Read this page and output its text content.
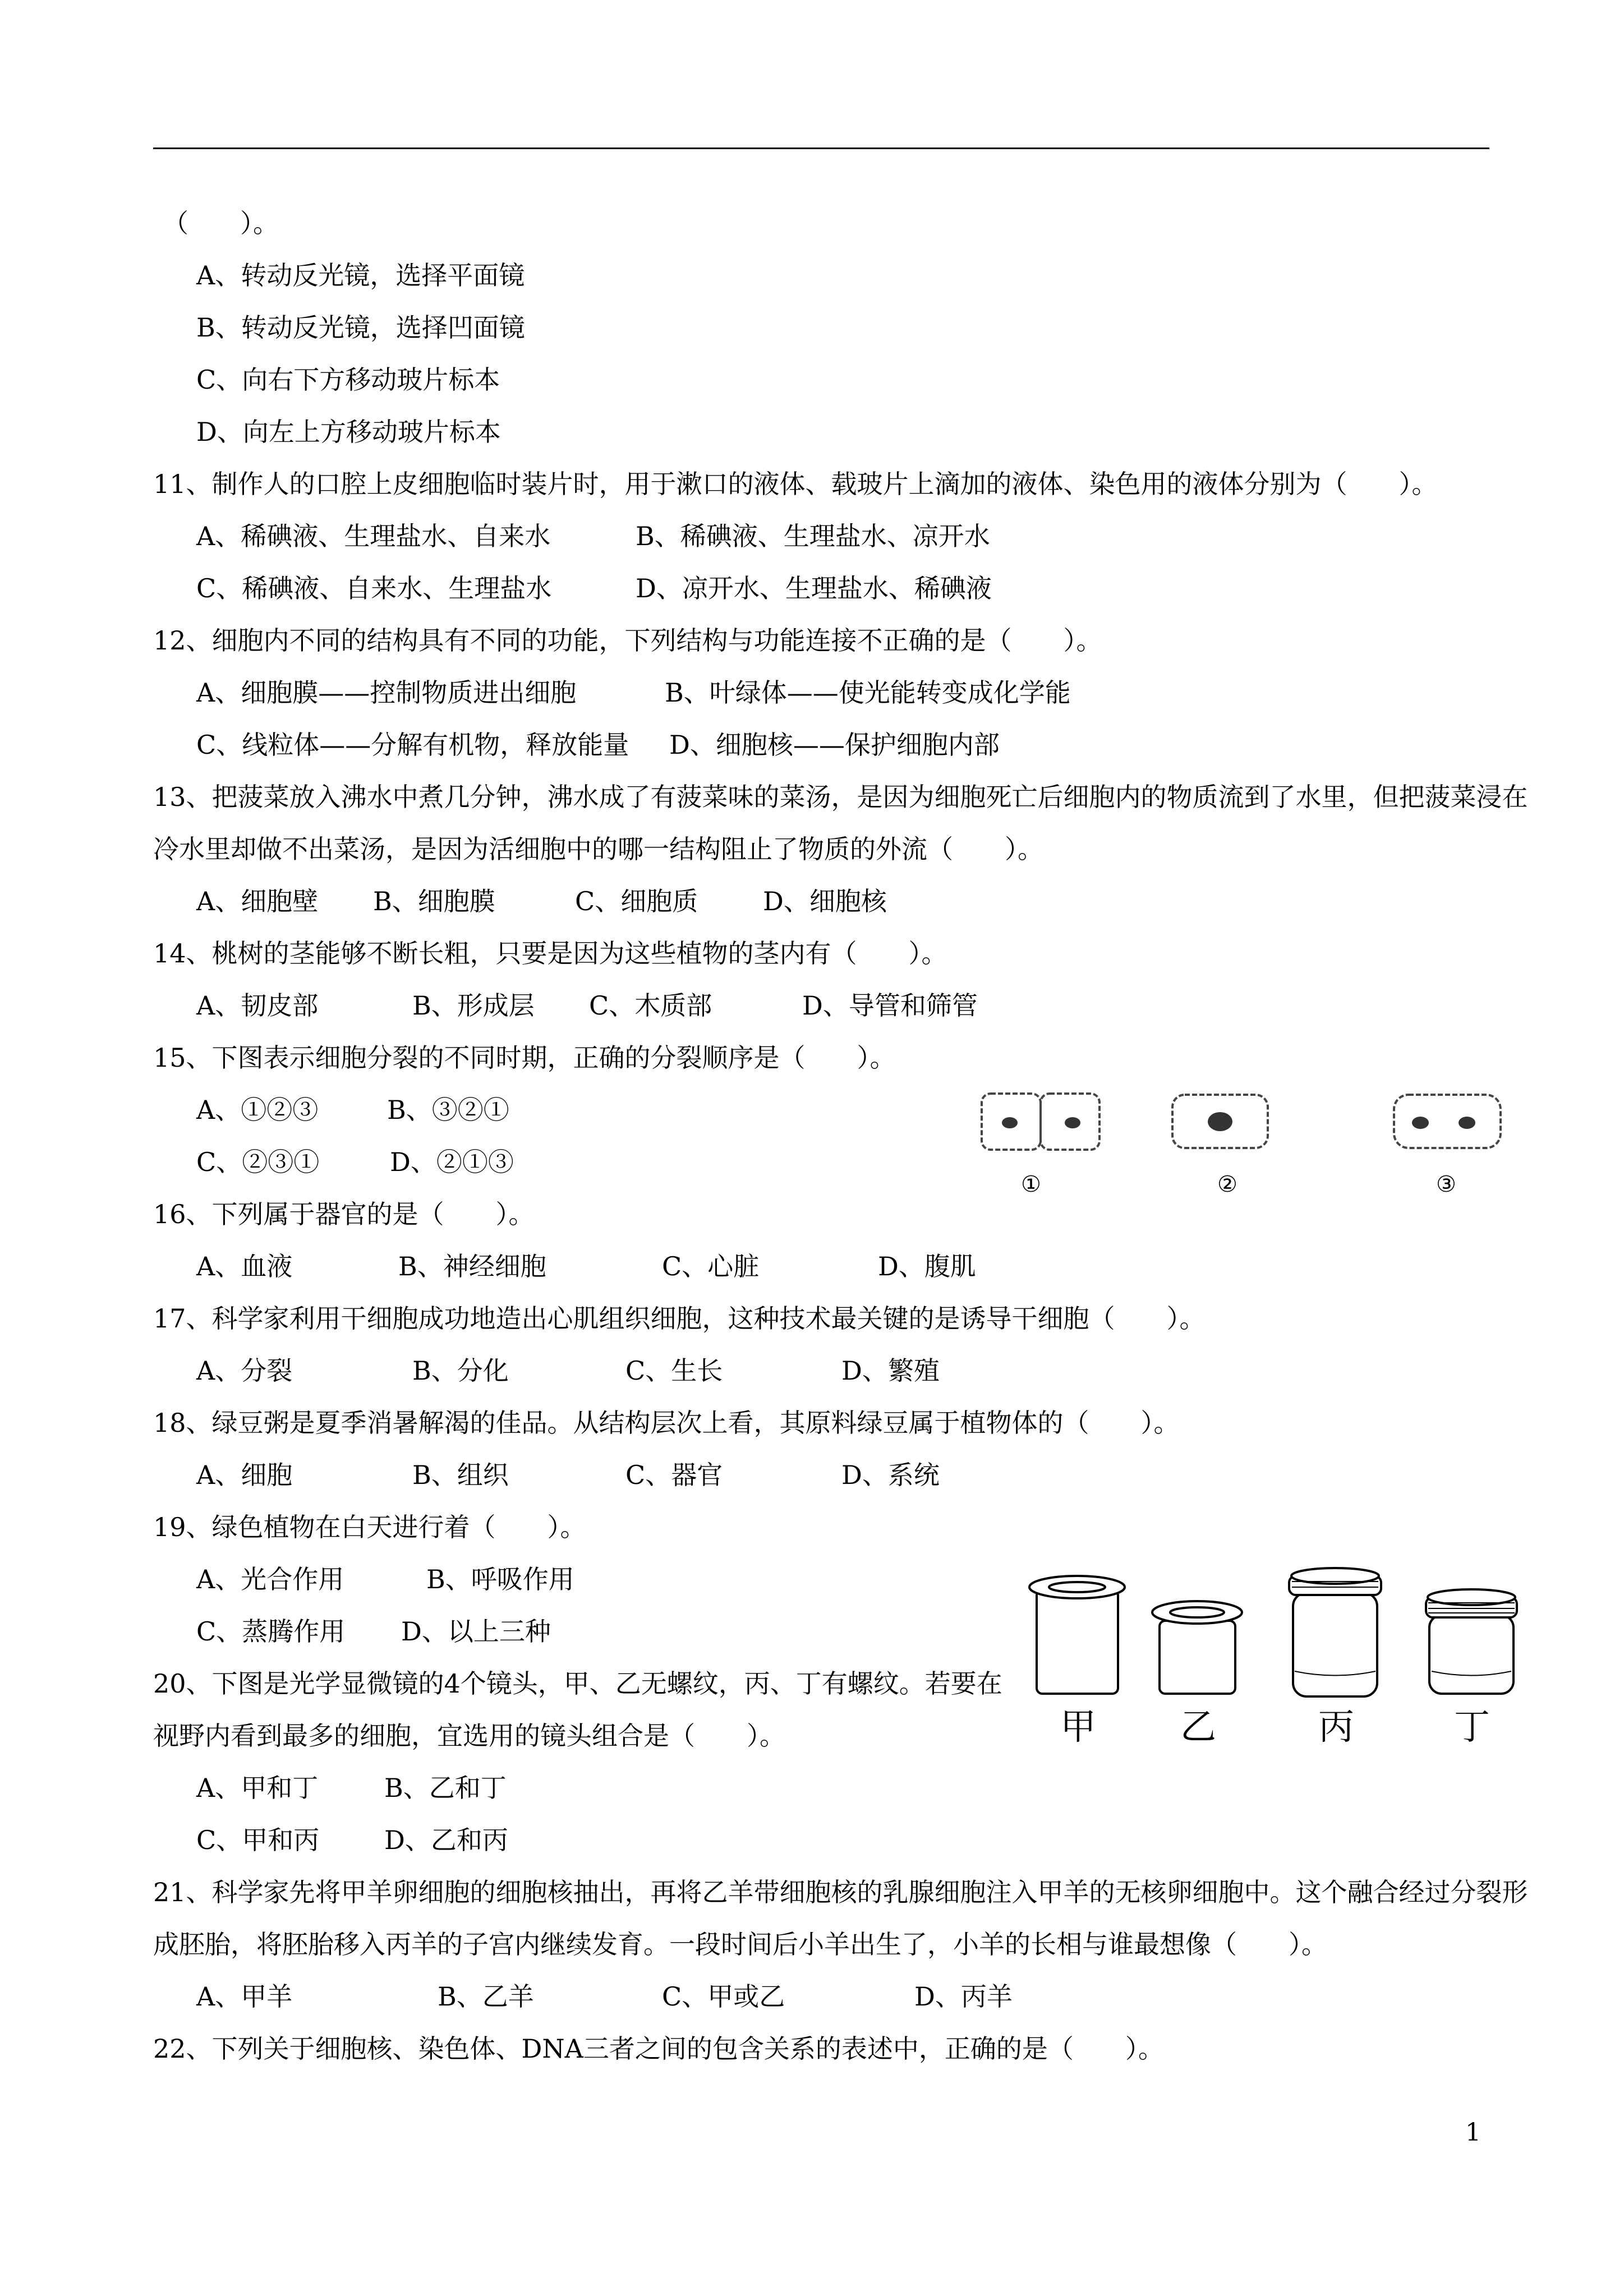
（　　）。
A、转动反光镜，选择平面镜
B、转动反光镜，选择凹面镜
C、向右下方移动玻片标本
D、向左上方移动玻片标本
11、制作人的口腔上皮细胞临时装片时，用于漱口的液体、载玻片上滴加的液体、染色用的液体分别为（　　）。
A、稀碘液、生理盐水、自来水	B、稀碘液、生理盐水、凉开水
C、稀碘液、自来水、生理盐水	D、凉开水、生理盐水、稀碘液
12、细胞内不同的结构具有不同的功能，下列结构与功能连接不正确的是（　　）。
A、细胞膜——控制物质进出细胞	B、叶绿体——使光能转变成化学能
C、线粒体——分解有机物，释放能量 D、细胞核——保护细胞内部
13、把菠菜放入沸水中煮几分钟，沸水成了有菠菜味的菜汤，是因为细胞死亡后细胞内的物质流到了水里，但把菠菜浸在
冷水里却做不出菜汤，是因为活细胞中的哪一结构阻止了物质的外流（　　）。
A、细胞壁 B、细胞膜	C、细胞质	D、细胞核
14、桃树的茎能够不断长粗，只要是因为这些植物的茎内有（　　）。
A、韧皮部	B、形成层 C、木质部	D、导管和筛管
15、下图表示细胞分裂的不同时期，正确的分裂顺序是（　　）。
A、①②③	B、③②①
C、②③①	D、②①③
①	②	③
16、下列属于器官的是（　　）。
A、血液	B、神经细胞	C、心脏	D、腹肌
17、科学家利用干细胞成功地造出心肌组织细胞，这种技术最关键的是诱导干细胞（　　）。
A、分裂	B、分化	C、生长	D、繁殖
18、绿豆粥是夏季消暑解渴的佳品。从结构层次上看，其原料绿豆属于植物体的（　　）。
A、细胞	B、组织	C、器官	D、系统
19、绿色植物在白天进行着（　　）。
A、光合作用	B、呼吸作用
C、蒸腾作用 D、以上三种
甲 乙	丙	丁
20、下图是光学显微镜的4个镜头，甲、乙无螺纹，丙、丁有螺纹。若要在
视野内看到最多的细胞，宜选用的镜头组合是（　　）。
A、甲和丁	B、乙和丁
C、甲和丙	D、乙和丙
21、科学家先将甲羊卵细胞的细胞核抽出，再将乙羊带细胞核的乳腺细胞注入甲羊的无核卵细胞中。这个融合经过分裂形
成胚胎，将胚胎移入丙羊的子宫内继续发育。一段时间后小羊出生了，小羊的长相与谁最想像（　　）。
A、甲羊	B、乙羊	C、甲或乙	D、丙羊
22、下列关于细胞核、染色体、DNA三者之间的包含关系的表述中，正确的是（　　）。
1
